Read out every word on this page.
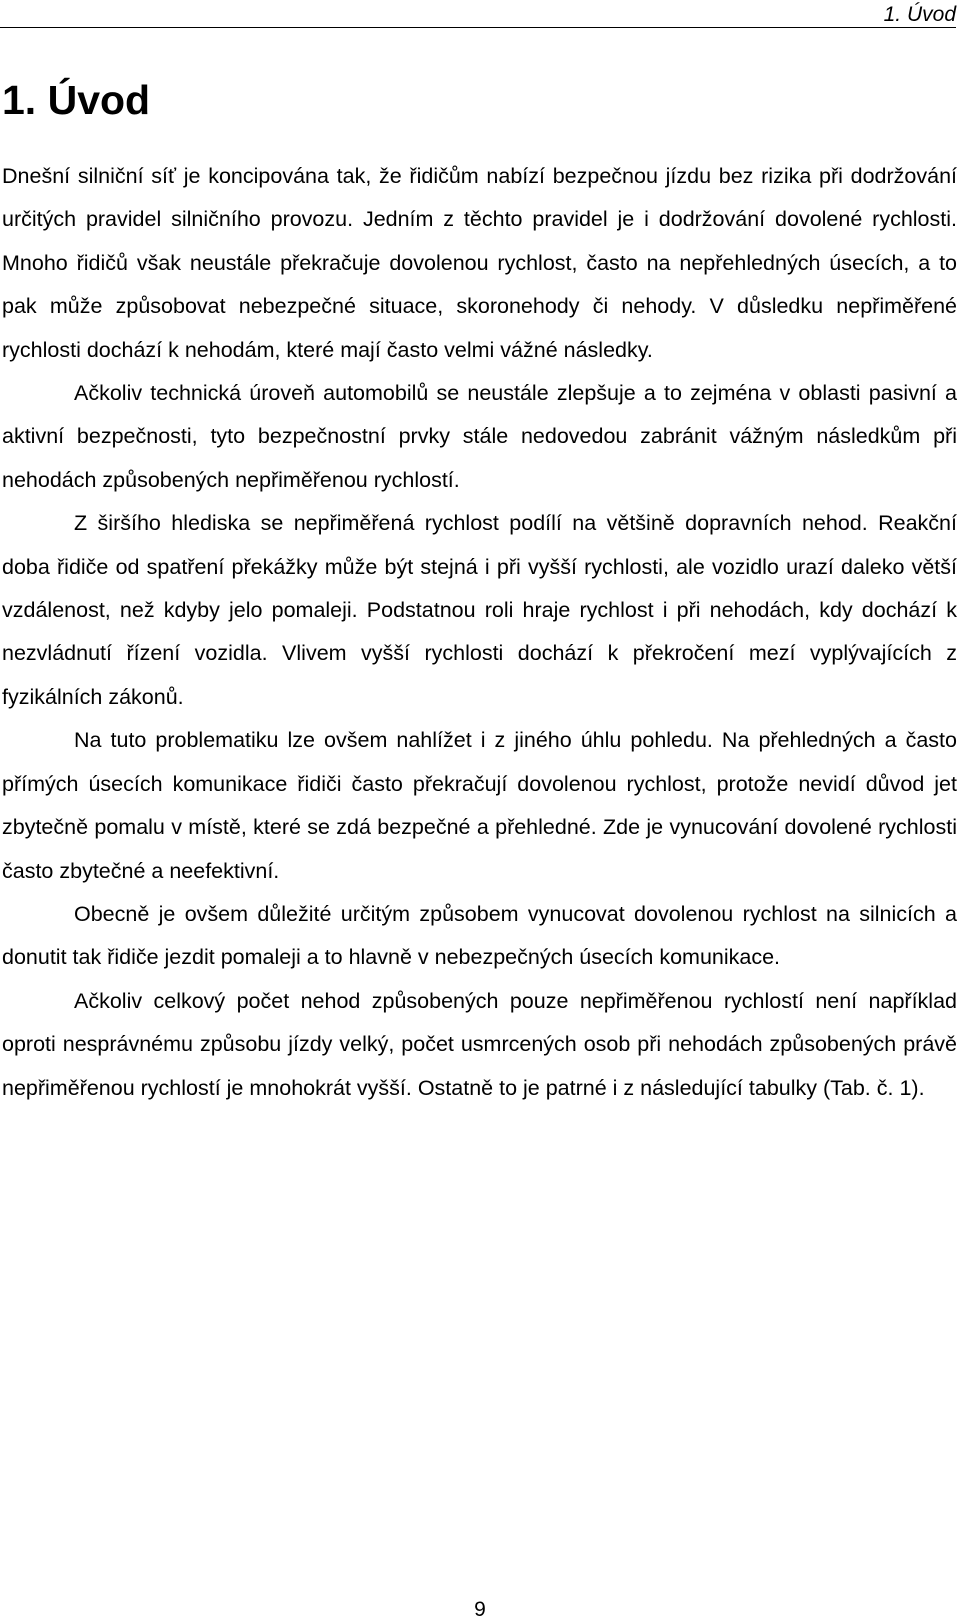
1. Úvod
1. Úvod

Dnešní silniční síť je koncipována tak, že řidičům nabízí bezpečnou jízdu bez rizika při dodržování určitých pravidel silničního provozu. Jedním z těchto pravidel je i dodržování dovolené rychlosti. Mnoho řidičů však neustále překračuje dovolenou rychlost, často na nepřehledných úsecích, a to pak může způsobovat nebezpečné situace, skoronehody či nehody. V důsledku nepřiměřené rychlosti dochází k nehodám, které mají často velmi vážné následky.

Ačkoliv technická úroveň automobilů se neustále zlepšuje a to zejména v oblasti pasivní a aktivní bezpečnosti, tyto bezpečnostní prvky stále nedovedou zabránit vážným následkům při nehodách způsobených nepřiměřenou rychlostí.

Z širšího hlediska se nepřiměřená rychlost podílí na většině dopravních nehod. Reakční doba řidiče od spatření překážky může být stejná i při vyšší rychlosti, ale vozidlo urazí daleko větší vzdálenost, než kdyby jelo pomaleji. Podstatnou roli hraje rychlost i při nehodách, kdy dochází k nezvládnutí řízení vozidla. Vlivem vyšší rychlosti dochází k překročení mezí vyplývajících z fyzikálních zákonů.

Na tuto problematiku lze ovšem nahlížet i z jiného úhlu pohledu. Na přehledných a často přímých úsecích komunikace řidiči často překračují dovolenou rychlost, protože nevidí důvod jet zbytečně pomalu v místě, které se zdá bezpečné a přehledné. Zde je vynucování dovolené rychlosti často zbytečné a neefektivní.

Obecně je ovšem důležité určitým způsobem vynucovat dovolenou rychlost na silnicích a donutit tak řidiče jezdit pomaleji a to hlavně v nebezpečných úsecích komunikace.

Ačkoliv celkový počet nehod způsobených pouze nepřiměřenou rychlostí není například oproti nesprávnému způsobu jízdy velký, počet usmrcených osob při nehodách způsobených právě nepřiměřenou rychlostí je mnohokrát vyšší. Ostatně to je patrné i z následující tabulky (Tab. č. 1).

9
